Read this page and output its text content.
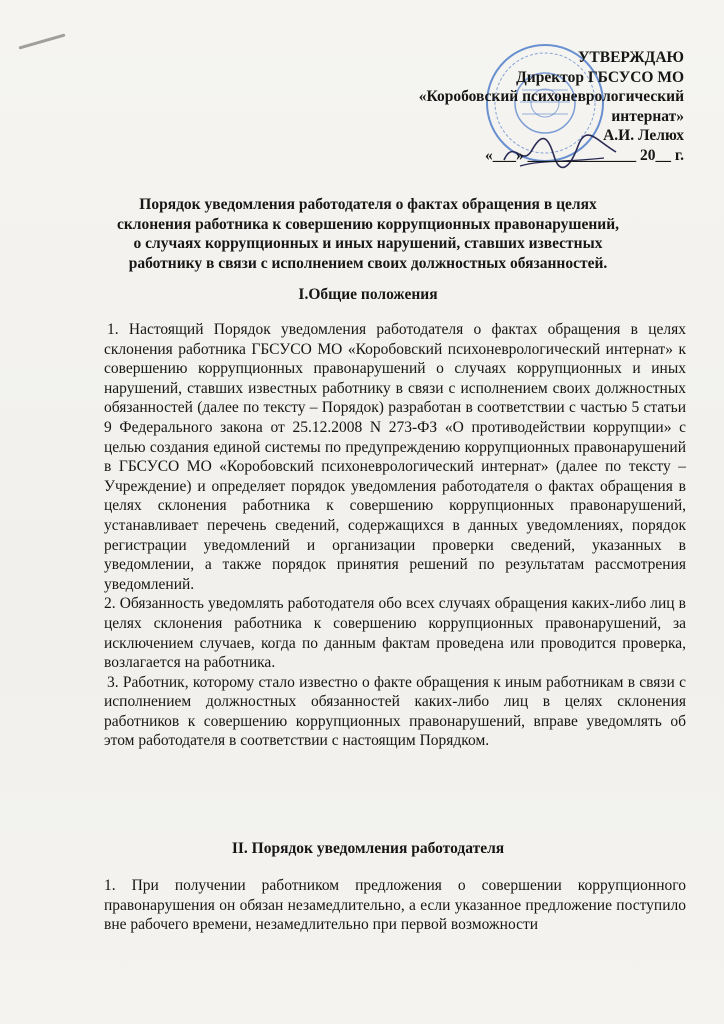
УТВЕРЖДАЮ
Директор ГБСУСО МО
«Коробовский психоневрологический
интернат»
А.И. Лелюх
«___» ______________ 20__ г.
Порядок уведомления работодателя о фактах обращения в целях
склонения работника к совершению коррупционных правонарушений,
о случаях коррупционных и иных нарушений, ставших известных
работнику в связи с исполнением своих должностных обязанностей.
I.Общие положения

1. Настоящий Порядок уведомления работодателя о фактах обращения в целях склонения работника ГБСУСО МО «Коробовский психоневрологический интернат» к совершению коррупционных правонарушений о случаях коррупционных и иных нарушений, ставших известных работнику в связи с исполнением своих должностных обязанностей (далее по тексту – Порядок) разработан в соответствии с частью 5 статьи 9 Федерального закона от 25.12.2008 N 273-ФЗ «О противодействии коррупции» с целью создания единой системы по предупреждению коррупционных правонарушений в ГБСУСО МО «Коробовский психоневрологический интернат» (далее по тексту – Учреждение) и определяет порядок уведомления работодателя о фактах обращения в целях склонения работника к совершению коррупционных правонарушений, устанавливает перечень сведений, содержащихся в данных уведомлениях, порядок регистрации уведомлений и организации проверки сведений, указанных в уведомлении, а также порядок принятия решений по результатам рассмотрения уведомлений.

2. Обязанность уведомлять работодателя обо всех случаях обращения каких-либо лиц в целях склонения работника к совершению коррупционных правонарушений, за исключением случаев, когда по данным фактам проведена или проводится проверка, возлагается на работника.

3. Работник, которому стало известно о факте обращения к иным работникам в связи с исполнением должностных обязанностей каких-либо лиц в целях склонения работников к совершению коррупционных правонарушений, вправе уведомлять об этом работодателя в соответствии с настоящим Порядком.

II. Порядок уведомления работодателя

1. При получении работником предложения о совершении коррупционного правонарушения он обязан незамедлительно, а если указанное предложение поступило вне рабочего времени, незамедлительно при первой возможности
